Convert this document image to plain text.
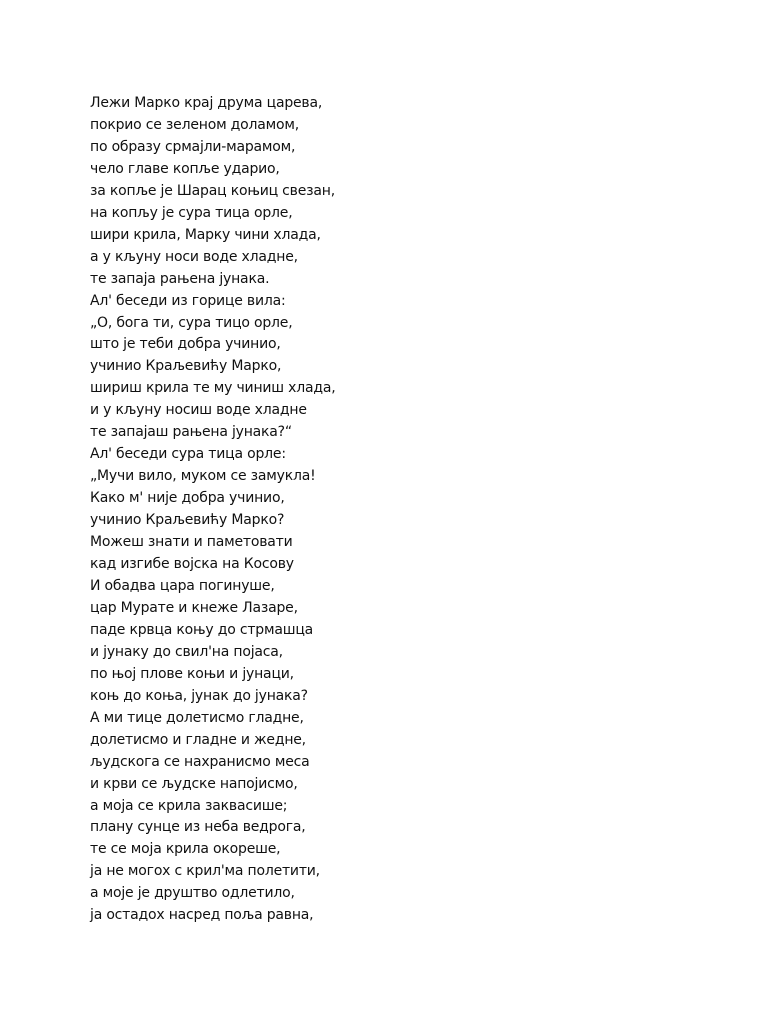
Лежи Марко крај друма царева,
покрио се зеленом доламом,
по образу срмајли-марамом,
чело главе копље ударио,
за копље је Шарац коњиц свезан,
на копљу је сура тица орле,
шири крила, Марку чини хлада,
а у кљуну носи воде хладне,
те запаја рањена јунака.
Ал' беседи из горице вила:
„О, бога ти, сура тицо орле,
што је теби добра учинио,
учинио Краљевићу Марко,
шириш крила те му чиниш хлада,
и у кљуну носиш воде хладне
те запајаш рањена јунака?“
Ал' беседи сура тица орле:
„Мучи вило, муком се замукла!
Како м' није добра учинио,
учинио Краљевићу Марко?
Можеш знати и паметовати
кад изгибе војска на Косову
И обадва цара погинуше,
цар Мурате и кнеже Лазаре,
паде крвца коњу до стрмашца
и јунаку до свил'на појаса,
по њој плове коњи и јунаци,
коњ до коња, јунак до јунака?
А ми тице долетисмо гладне,
долетисмо и гладне и жедне,
људскога се нахранисмо меса
и крви се људске напојисмо,
а моја се крила заквасише;
плану сунце из неба ведрога,
те се моја крила окореше,
ја не могох с крил'ма полетити,
а моје је друштво одлетило,
ја остадох насред поља равна,
